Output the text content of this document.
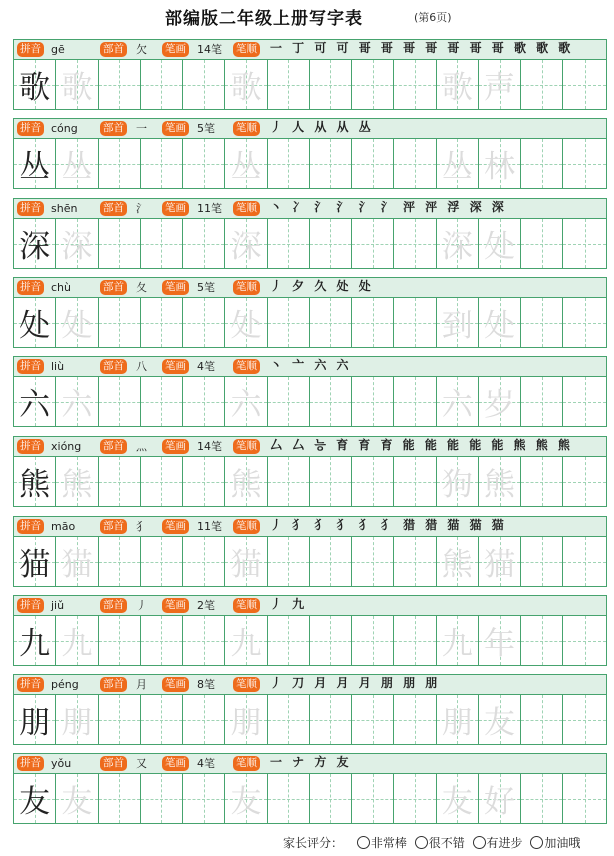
部编版二年级上册写字表	(第6页)
拼音 gē	部首 欠 笔画 14笔 笔顺 一 丁 可 可 哥 哥 哥 哥 哥 哥 哥 歌 歌 歌
歌 歌	歌	歌 声
拼音 cóng 部首 一 笔画 5笔 笔顺 丿 人 从 从 丛
丛 丛	丛	丛 林
拼音 shēn 部首 氵 笔画 11笔 笔顺 丶 冫 氵 氵 氵 氵 泙 泙 浮 深 深
深 深	深	深 处
拼音 chù	部首 夂 笔画 5笔 笔顺 丿 夕 久 处 处
处 处	处	到 处
拼音 liù	部首 八 笔画 4笔 笔顺 丶 亠 六 六
六 六	六	六 岁
拼音 xióng 部首 灬 笔画 14笔 笔顺 厶 厶 능 育 育 育 能 能 能 能 能 熊 熊 熊
熊 熊	熊	狗 熊
拼音 māo	部首 犭 笔画 11笔 笔顺 丿 犭 犭 犭 犭 犭 猎 猎 猫 猫 猫
猫 猫	猫	熊 猫
拼音 jiǔ	部首 丿 笔画 2笔 笔顺 丿 九
九 九	九	九 年
拼音 péng 部首 月 笔画 8笔 笔顺 丿 刀 月 月 月 朋 朋 朋
朋 朋	朋	朋 友
拼音 yǒu	部首 又 笔画 4笔 笔顺 一 ナ 方 友
友 友	友	友 好
家长评分： 非常棒 很不错 有进步 加油哦
